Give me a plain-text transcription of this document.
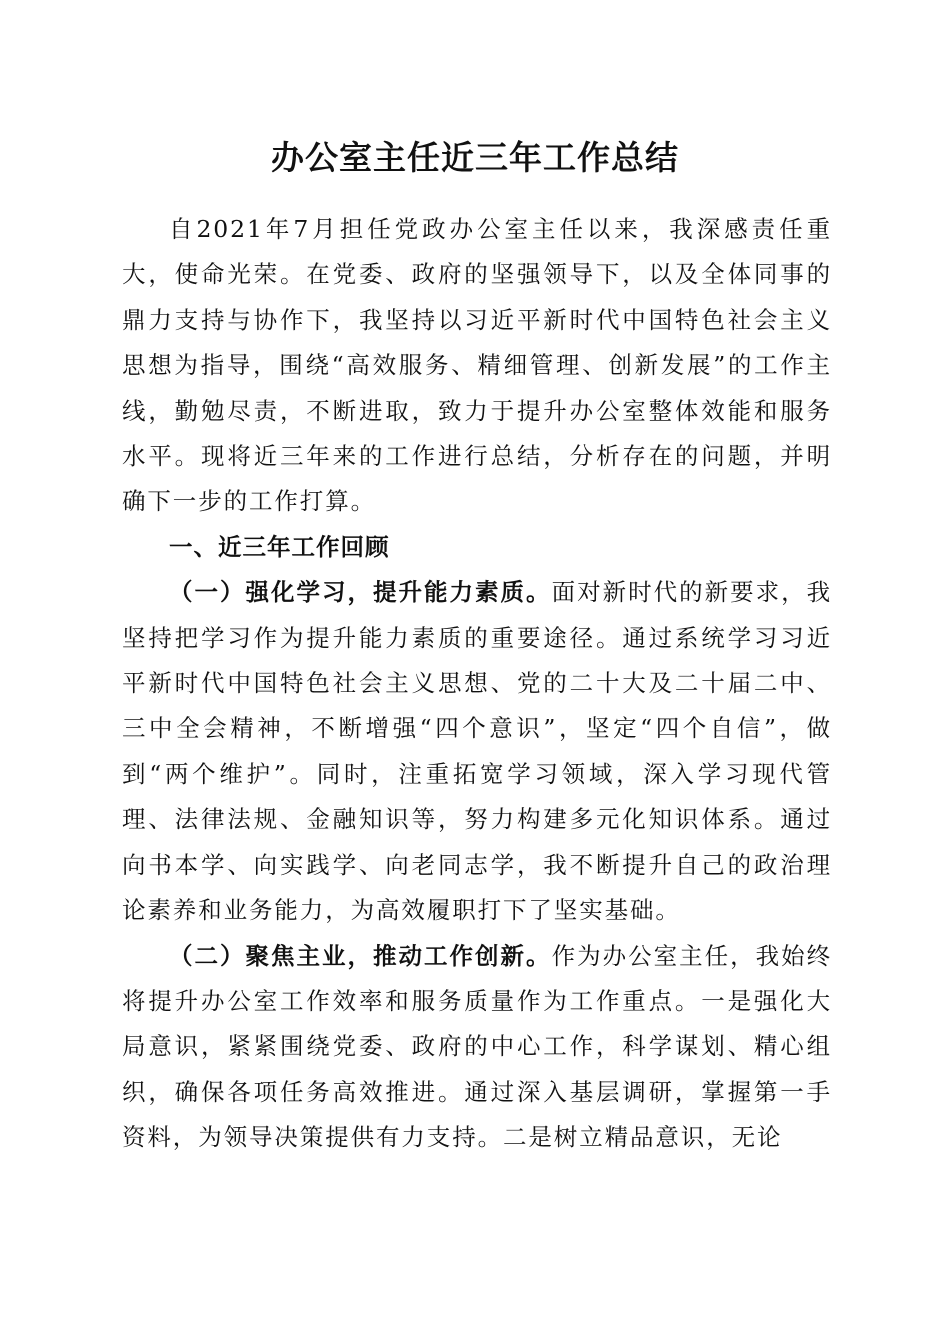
办公室主任近三年工作总结

自2021年7月担任党政办公室主任以来，我深感责任重大，使命光荣。在党委、政府的坚强领导下，以及全体同事的鼎力支持与协作下，我坚持以习近平新时代中国特色社会主义思想为指导，围绕“高效服务、精细管理、创新发展”的工作主线，勤勉尽责，不断进取，致力于提升办公室整体效能和服务水平。现将近三年来的工作进行总结，分析存在的问题，并明确下一步的工作打算。

一、近三年工作回顾

（一）强化学习，提升能力素质。面对新时代的新要求，我坚持把学习作为提升能力素质的重要途径。通过系统学习习近平新时代中国特色社会主义思想、党的二十大及二十届二中、三中全会精神，不断增强“四个意识”，坚定“四个自信”，做到“两个维护”。同时，注重拓宽学习领域，深入学习现代管理、法律法规、金融知识等，努力构建多元化知识体系。通过向书本学、向实践学、向老同志学，我不断提升自己的政治理论素养和业务能力，为高效履职打下了坚实基础。

（二）聚焦主业，推动工作创新。作为办公室主任，我始终将提升办公室工作效率和服务质量作为工作重点。一是强化大局意识，紧紧围绕党委、政府的中心工作，科学谋划、精心组织，确保各项任务高效推进。通过深入基层调研，掌握第一手资料，为领导决策提供有力支持。二是树立精品意识，无论
